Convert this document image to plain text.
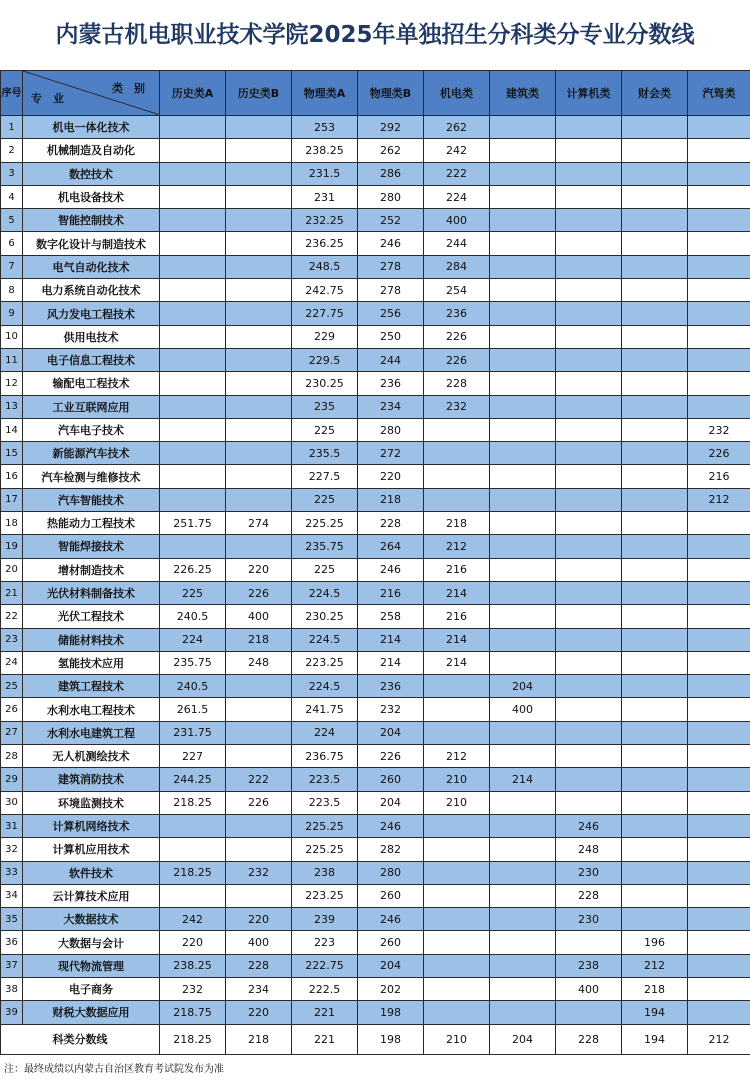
内蒙古机电职业技术学院2025年单独招生分科类分专业分数线
序号	类　别
专　业	历史类A	历史类B	物理类A	物理类B	机电类	建筑类	计算机类	财会类	汽驾类
1	机电一体化技术			253	292	262				
2	机械制造及自动化			238.25	262	242				
3	数控技术			231.5	286	222				
4	机电设备技术			231	280	224				
5	智能控制技术			232.25	252	400				
6	数字化设计与制造技术			236.25	246	244				
7	电气自动化技术			248.5	278	284				
8	电力系统自动化技术			242.75	278	254				
9	风力发电工程技术			227.75	256	236				
10	供用电技术			229	250	226				
11	电子信息工程技术			229.5	244	226				
12	输配电工程技术			230.25	236	228				
13	工业互联网应用			235	234	232				
14	汽车电子技术			225	280					232
15	新能源汽车技术			235.5	272					226
16	汽车检测与维修技术			227.5	220					216
17	汽车智能技术			225	218					212
18	热能动力工程技术	251.75	274	225.25	228	218				
19	智能焊接技术			235.75	264	212				
20	增材制造技术	226.25	220	225	246	216				
21	光伏材料制备技术	225	226	224.5	216	214				
22	光伏工程技术	240.5	400	230.25	258	216				
23	储能材料技术	224	218	224.5	214	214				
24	氢能技术应用	235.75	248	223.25	214	214				
25	建筑工程技术	240.5		224.5	236		204			
26	水利水电工程技术	261.5		241.75	232		400			
27	水利水电建筑工程	231.75		224	204					
28	无人机测绘技术	227		236.75	226	212				
29	建筑消防技术	244.25	222	223.5	260	210	214			
30	环境监测技术	218.25	226	223.5	204	210				
31	计算机网络技术			225.25	246			246		
32	计算机应用技术			225.25	282			248		
33	软件技术	218.25	232	238	280			230		
34	云计算技术应用			223.25	260			228		
35	大数据技术	242	220	239	246			230		
36	大数据与会计	220	400	223	260				196	
37	现代物流管理	238.25	228	222.75	204			238	212	
38	电子商务	232	234	222.5	202			400	218	
39	财税大数据应用	218.75	220	221	198				194	
科类分数线		218.25	218	221	198	210	204	228	194	212
注：最终成绩以内蒙古自治区教育考试院发布为准
